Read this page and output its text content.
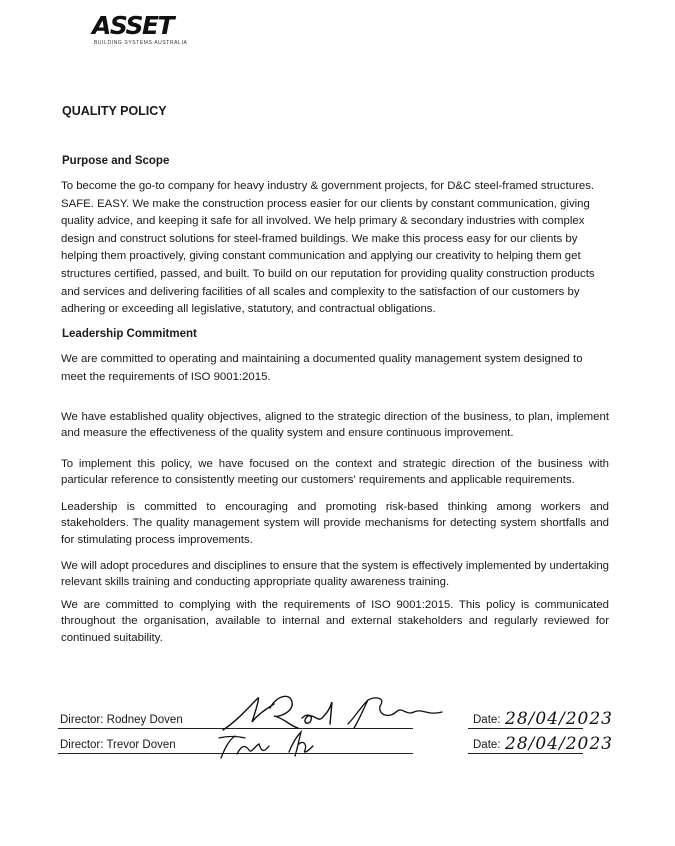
ASSET
BUILDING SYSTEMS AUSTRALIA
QUALITY POLICY
Purpose and Scope

To become the go-to company for heavy industry & government projects, for D&C steel-framed structures. SAFE. EASY. We make the construction process easier for our clients by constant communication, giving quality advice, and keeping it safe for all involved. We help primary & secondary industries with complex design and construct solutions for steel-framed buildings. We make this process easy for our clients by helping them proactively, giving constant communication and applying our creativity to helping them get structures certified, passed, and built. To build on our reputation for providing quality construction products and services and delivering facilities of all scales and complexity to the satisfaction of our customers by adhering or exceeding all legislative, statutory, and contractual obligations.

Leadership Commitment

We are committed to operating and maintaining a documented quality management system designed to meet the requirements of ISO 9001:2015.

We have established quality objectives, aligned to the strategic direction of the business, to plan, implement and measure the effectiveness of the quality system and ensure continuous improvement.

To implement this policy, we have focused on the context and strategic direction of the business with particular reference to consistently meeting our customers' requirements and applicable requirements.

Leadership is committed to encouraging and promoting risk-based thinking among workers and stakeholders. The quality management system will provide mechanisms for detecting system shortfalls and for stimulating process improvements.

We will adopt procedures and disciplines to ensure that the system is effectively implemented by undertaking relevant skills training and conducting appropriate quality awareness training.

We are committed to complying with the requirements of ISO 9001:2015. This policy is communicated throughout the organisation, available to internal and external stakeholders and regularly reviewed for continued suitability.

Director: Rodney Doven	Date: 28/04/2023
Director: Trevor Doven	Date: 28/04/2023
